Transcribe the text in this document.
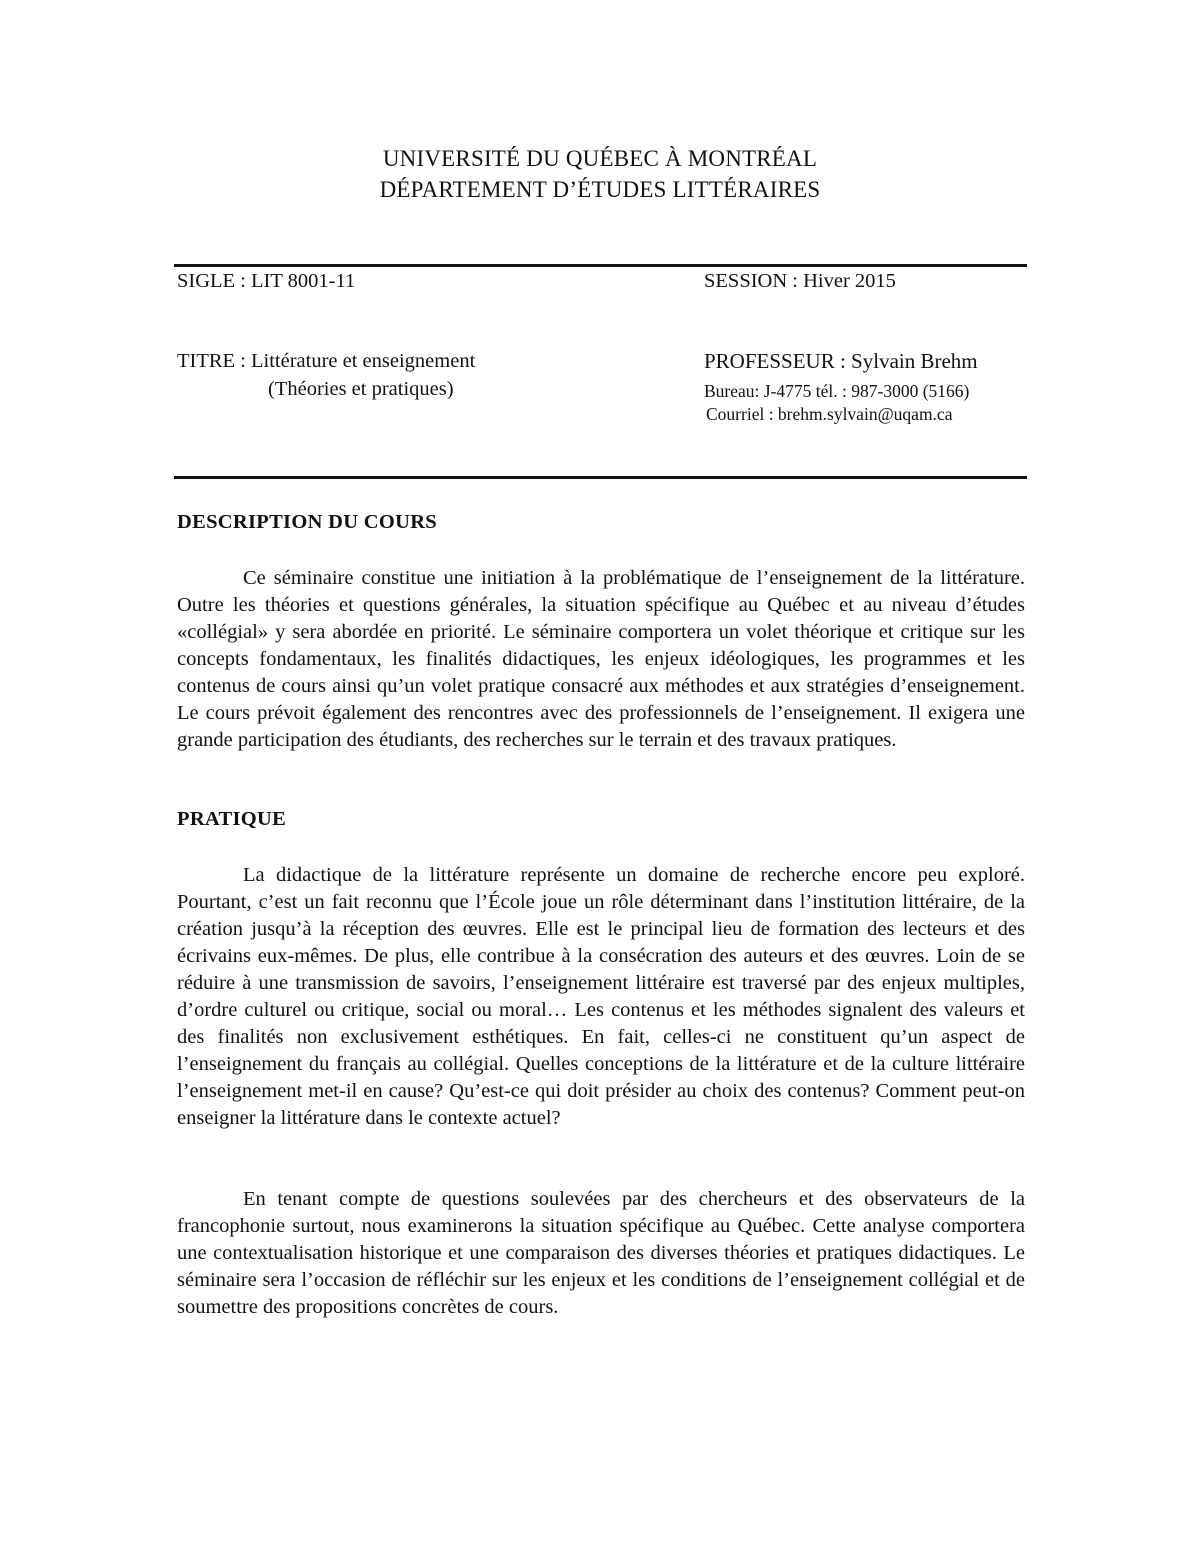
UNIVERSITÉ DU QUÉBEC À MONTRÉAL
DÉPARTEMENT D’ÉTUDES LITTÉRAIRES
SIGLE : LIT 8001-11	SESSION : Hiver 2015
TITRE : Littérature et enseignement
(Théories et pratiques)
PROFESSEUR : Sylvain Brehm
Bureau: J-4775 tél. : 987-3000 (5166)
Courriel : brehm.sylvain@uqam.ca
DESCRIPTION DU COURS

Ce séminaire constitue une initiation à la problématique de l’enseignement de la littérature. Outre les théories et questions générales, la situation spécifique au Québec et au niveau d’études «collégial» y sera abordée en priorité. Le séminaire comportera un volet théorique et critique sur les concepts fondamentaux, les finalités didactiques, les enjeux idéologiques, les programmes et les contenus de cours ainsi qu’un volet pratique consacré aux méthodes et aux stratégies d’enseignement. Le cours prévoit également des rencontres avec des professionnels de l’enseignement. Il exigera une grande participation des étudiants, des recherches sur le terrain et des travaux pratiques.

PRATIQUE

La didactique de la littérature représente un domaine de recherche encore peu exploré. Pourtant, c’est un fait reconnu que l’École joue un rôle déterminant dans l’institution littéraire, de la création jusqu’à la réception des œuvres. Elle est le principal lieu de formation des lecteurs et des écrivains eux-mêmes. De plus, elle contribue à la consécration des auteurs et des œuvres. Loin de se réduire à une transmission de savoirs, l’enseignement littéraire est traversé par des enjeux multiples, d’ordre culturel ou critique, social ou moral… Les contenus et les méthodes signalent des valeurs et des finalités non exclusivement esthétiques. En fait, celles-ci ne constituent qu’un aspect de l’enseignement du français au collégial. Quelles conceptions de la littérature et de la culture littéraire l’enseignement met-il en cause? Qu’est-ce qui doit présider au choix des contenus? Comment peut-on enseigner la littérature dans le contexte actuel?

En tenant compte de questions soulevées par des chercheurs et des observateurs de la francophonie surtout, nous examinerons la situation spécifique au Québec. Cette analyse comportera une contextualisation historique et une comparaison des diverses théories et pratiques didactiques. Le séminaire sera l’occasion de réfléchir sur les enjeux et les conditions de l’enseignement collégial et de soumettre des propositions concrètes de cours.
